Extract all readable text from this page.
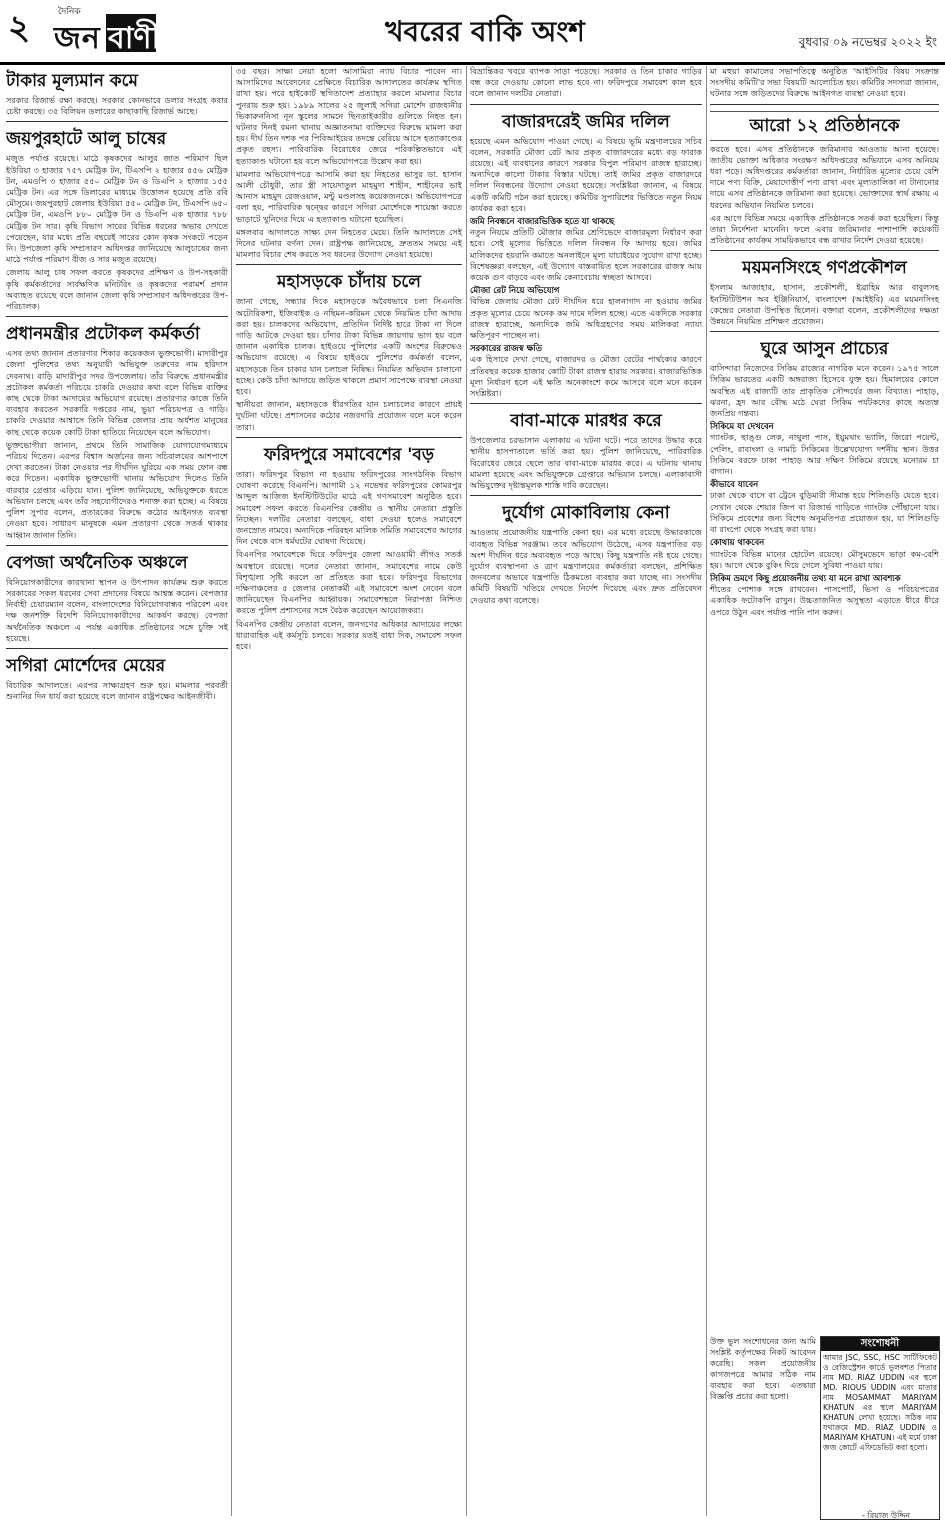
২	দৈনিক
জন বাণী	খবরের বাকি অংশ	বুধবার ০৯ নভেম্বর ২০২২ ইং
টাকার মূল্যমান কমে

সরকার রিজার্ভ রক্ষা করছে। সরকার কোনভাবে ডলার সংগ্রহ করার চেষ্টা করছে। ৩৫ বিলিয়ন ডলারের কাছাকাছি রিজার্ভ আছে।

জয়পুরহাটে আলু চাষের

মজুত পর্যাপ্ত রয়েছে। মাঠে কৃষকদের আলুর জাত পরিমাণ ছিল ইউরিয়া ৩ হাজার ৭৫৭ মেট্রিক টন, টিএসপি ২ হাজার ৫৫৬ মেট্রিক টন, এমওপি ৩ হাজার ৫৫০ মেট্রিক টন ও ডিএপি ২ হাজার ১৫৫ মেট্রিক টন। এর সঙ্গে ডিলারের মাধ্যমে উত্তোলন হয়েছে প্রতি রবি মৌসুমে। জয়পুরহাট জেলায় ইউরিয়া ৫৫০ মেট্রিক টন, টিএসপি ৬৫০ মেট্রিক টন, এমওপি ৮৮০ মেট্রিক টন ও ডিএপি এক হাজার ৭৮৮ মেট্রিক টন সার। কৃষি বিভাগ সারের বিভিন্ন ধরনের অভাব দেখতে পেয়েছেন, যার মধ্যে প্রতি বছরেই সারের কোন কৃষক সংকটে পড়েন নি। উপজেলা কৃষি সম্প্রসারণ অধিদপ্তর জানিয়েছে আলুচাষের জন্য মাঠে পর্যাপ্ত পরিমাণ বীজ ও সার মজুত রয়েছে।

জেলায় আলু চাষ সফল করতে কৃষকদের প্রশিক্ষণ ও উপ-সহকারী কৃষি কর্মকর্তাদের সার্বক্ষণিক মনিটরিং ও কৃষকদের পরামর্শ প্রদান অব্যাহত রয়েছে বলে জানান জেলা কৃষি সম্প্রসারণ অধিদপ্তরের উপ-পরিচালক।

প্রধানমন্ত্রীর প্রটোকল কর্মকর্তা

এসব তথ্য জানান প্রতারণার শিকার কয়েকজন ভুক্তভোগী। মাদারীপুর জেলা পুলিশের তথ্য অনুযায়ী অভিযুক্ত তরুণের নাম হরিদাস দেবনাথ। বাড়ি মাদারীপুর সদর উপজেলায়। তাঁর বিরুদ্ধে প্রধানমন্ত্রীর প্রটোকল কর্মকর্তা পরিচয়ে চাকরি দেওয়ার কথা বলে বিভিন্ন ব্যক্তির কাছ থেকে টাকা আদায়ের অভিযোগ রয়েছে। প্রতারণার কাজে তিনি ব্যবহার করতেন সরকারি দপ্তরের নাম, ভুয়া পরিচয়পত্র ও গাড়ি। চাকরি দেওয়ার আশ্বাসে তিনি বিভিন্ন জেলার প্রায় অর্ধশত মানুষের কাছ থেকে কয়েক কোটি টাকা হাতিয়ে নিয়েছেন বলে অভিযোগ।

ভুক্তভোগীরা জানান, প্রথমে তিনি সামাজিক যোগাযোগমাধ্যমে পরিচয় দিতেন। এরপর বিশ্বাস অর্জনের জন্য সচিবালয়ের আশপাশে দেখা করতেন। টাকা নেওয়ার পর দীর্ঘদিন ঘুরিয়ে এক সময় ফোন বন্ধ করে দিতেন। একাধিক ভুক্তভোগী থানায় অভিযোগ দিলেও তিনি বারবার গ্রেপ্তার এড়িয়ে যান। পুলিশ জানিয়েছে, অভিযুক্তকে ধরতে অভিযান চলছে এবং তাঁর সহযোগীদেরও শনাক্ত করা হচ্ছে। এ বিষয়ে পুলিশ সুপার বলেন, প্রতারকের বিরুদ্ধে কঠোর আইনগত ব্যবস্থা নেওয়া হবে। সাধারণ মানুষকে এমন প্রতারণা থেকে সতর্ক থাকার আহ্বান জানান তিনি।

বেপজা অর্থনৈতিক অঞ্চলে

বিনিয়োগকারীদের কারখানা স্থাপন ও উৎপাদন কার্যক্রম শুরু করতে সরকারের সকল ধরনের সেবা প্রদানের বিষয়ে আশ্বস্ত করেন। বেপজার নির্বাহী চেয়ারম্যান বলেন, বাংলাদেশের বিনিয়োগবান্ধব পরিবেশ এবং দক্ষ জনশক্তি বিদেশি বিনিয়োগকারীদের আকর্ষণ করছে। বেপজা অর্থনৈতিক অঞ্চলে এ পর্যন্ত একাধিক প্রতিষ্ঠানের সঙ্গে চুক্তি সই হয়েছে।

সগিরা মোর্শেদের মেয়ের

বিচারিক আদালতে। এরপর সাক্ষ্যগ্রহণ শুরু হয়। মামলার পরবর্তী শুনানির দিন ধার্য করা হয়েছে বলে জানান রাষ্ট্রপক্ষের আইনজীবী।

৩৫ বছর। সাক্ষ্য নেয়া হলো আসামিরা ন্যায় বিচার পাবেন না। আসামিদের আবেদনের প্রেক্ষিতে বিচারিক আদালতের কার্যক্রম স্থগিত রাখা হয়। পরে হাইকোর্ট স্থগিতাদেশ প্রত্যাহার করলে মামলার বিচার পুনরায় শুরু হয়। ১৯৮৯ সালের ২৫ জুলাই সগিরা মোর্শেদ রাজধানীর ভিকারুননিসা নূন স্কুলের সামনে ছিনতাইকারীর গুলিতে নিহত হন। ঘটনার দিনই রমনা থানায় অজ্ঞাতনামা ব্যক্তিদের বিরুদ্ধে মামলা করা হয়। দীর্ঘ তিন দশক পর পিবিআইয়ের তদন্তে বেরিয়ে আসে হত্যাকাণ্ডের প্রকৃত রহস্য। পারিবারিক বিরোধের জেরে পরিকল্পিতভাবে এই হত্যাকাণ্ড ঘটানো হয় বলে অভিযোগপত্রে উল্লেখ করা হয়।

মামলার অভিযোগপত্রে আসামি করা হয় নিহতের ভাসুর ডা. হাসান আলী চৌধুরী, তার স্ত্রী সায়েদাতুল মাহমুদা শাহীন, শাহীনের ভাই আনাস মাহমুদ রেজওয়ান, মন্টু মণ্ডলসহ কয়েকজনকে। অভিযোগপত্রে বলা হয়, পারিবারিক দ্বন্দ্বের কারণে সগিরা মোর্শেদকে শায়েস্তা করতে ভাড়াটে খুনিদের দিয়ে এ হত্যাকাণ্ড ঘটানো হয়েছিল।

মঙ্গলবার আদালতে সাক্ষ্য দেন নিহতের মেয়ে। তিনি আদালতে সেই দিনের ঘটনার বর্ণনা দেন। রাষ্ট্রপক্ষ জানিয়েছে, দ্রুততম সময়ে এই মামলার বিচার শেষ করতে সব ধরনের উদ্যোগ নেওয়া হয়েছে।

মহাসড়কে চাঁদায় চলে

জানা গেছে, সন্ধ্যার দিকে মহাসড়কে অবৈধভাবে চলা সিএনজি অটোরিকশা, ইজিবাইক ও নছিমন-করিমন থেকে নিয়মিত চাঁদা আদায় করা হয়। চালকদের অভিযোগ, প্রতিদিন নির্দিষ্ট হারে টাকা না দিলে গাড়ি আটকে দেওয়া হয়। চাঁদার টাকা বিভিন্ন জায়গায় ভাগ হয় বলে জানান একাধিক চালক। হাইওয়ে পুলিশের একটি অংশের বিরুদ্ধেও অভিযোগ রয়েছে। এ বিষয়ে হাইওয়ে পুলিশের কর্মকর্তা বলেন, মহাসড়কে তিন চাকার যান চলাচল নিষিদ্ধ। নিয়মিত অভিযান চালানো হচ্ছে। কেউ চাঁদা আদায়ে জড়িত থাকলে প্রমাণ সাপেক্ষে ব্যবস্থা নেওয়া হবে।

স্থানীয়রা জানান, মহাসড়কে ধীরগতির যান চলাচলের কারণে প্রায়ই দুর্ঘটনা ঘটছে। প্রশাসনের কঠোর নজরদারি প্রয়োজন বলে মনে করেন তারা।

ফরিদপুরে সমাবেশের 'বড়

তারা। ফরিদপুর বিভাগ না হওয়ায় ফরিদপুরের সাংগঠনিক বিভাগ ঘোষণা করেছে বিএনপি। আগামী ১২ নভেম্বর ফরিদপুরের কোমরপুর আব্দুল আজিজ ইনস্টিটিউটের মাঠে এই গণসমাবেশ অনুষ্ঠিত হবে। সমাবেশ সফল করতে বিএনপির কেন্দ্রীয় ও স্থানীয় নেতারা প্রস্তুতি নিচ্ছেন। দলটির নেতারা বলছেন, বাধা দেওয়া হলেও সমাবেশে জনস্রোত নামবে। অন্যদিকে পরিবহন মালিক সমিতি সমাবেশের আগের দিন থেকে বাস ধর্মঘটের ঘোষণা দিয়েছে।

বিএনপির সমাবেশকে ঘিরে ফরিদপুর জেলা আওয়ামী লীগও সতর্ক অবস্থানে রয়েছে। দলের নেতারা জানান, সমাবেশের নামে কেউ বিশৃঙ্খলা সৃষ্টি করলে তা প্রতিহত করা হবে। ফরিদপুর বিভাগের দক্ষিণাঞ্চলের ৫ জেলার নেতাকর্মী এই সমাবেশে অংশ নেবেন বলে জানিয়েছেন বিএনপির আহ্বায়ক। সমাবেশস্থলে নিরাপত্তা নিশ্চিত করতে পুলিশ প্রশাসনের সঙ্গে বৈঠক করেছেন আয়োজকরা।

বিএনপির কেন্দ্রীয় নেতারা বলেন, জনগণের অধিকার আদায়ের লক্ষ্যে ধারাবাহিক এই কর্মসূচি চলবে। সরকার যতই বাধা দিক, সমাবেশ সফল হবে।

বিভ্রান্তিকর খবরে ব্যাপক সাড়া পড়েছে। সরকার ও তিন চাকার গাড়ির বন্ধ করে দেওয়ায় কোনো লাভ হবে না। ফরিদপুরে সমাবেশ কাল হবে বলে জানান দলটির নেতারা।

বাজারদরেই জমির দলিল

হয়েছে এমন অভিযোগ পাওয়া গেছে। এ বিষয়ে ভূমি মন্ত্রণালয়ের সচিব বলেন, সরকারি মৌজা রেট আর প্রকৃত বাজারদরের মধ্যে বড় ফারাক রয়েছে। এই ব্যবধানের কারণে সরকার বিপুল পরিমাণ রাজস্ব হারাচ্ছে। অন্যদিকে কালো টাকার বিস্তার ঘটছে। তাই জমির প্রকৃত বাজারদরে দলিল নিবন্ধনের উদ্যোগ নেওয়া হয়েছে। সংশ্লিষ্টরা জানান, এ বিষয়ে একটি কমিটি গঠন করা হয়েছে। কমিটির সুপারিশের ভিত্তিতে নতুন নিয়ম কার্যকর করা হবে।

জমি নিবন্ধনে বাজারভিত্তিক হতে যা থাকছে

নতুন নিয়মে প্রতিটি মৌজার জমির শ্রেণিভেদে বাজারমূল্য নির্ধারণ করা হবে। সেই মূল্যের ভিত্তিতে দলিল নিবন্ধন ফি আদায় হবে। জমির মালিকদের হয়রানি কমাতে অনলাইনে মূল্য যাচাইয়ের সুযোগ রাখা হচ্ছে। বিশেষজ্ঞরা বলছেন, এই উদ্যোগ বাস্তবায়িত হলে সরকারের রাজস্ব আয় কয়েক গুণ বাড়বে এবং জমি কেনাবেচায় স্বচ্ছতা আসবে।

মৌজা রেট নিয়ে অভিযোগ

বিভিন্ন জেলায় মৌজা রেট দীর্ঘদিন ধরে হালনাগাদ না হওয়ায় জমির প্রকৃত মূল্যের চেয়ে অনেক কম দামে দলিল হচ্ছে। এতে একদিকে সরকার রাজস্ব হারাচ্ছে, অন্যদিকে জমি অধিগ্রহণের সময় মালিকরা ন্যায্য ক্ষতিপূরণ পাচ্ছেন না।

সরকারের রাজস্ব ক্ষতি

এক হিসাবে দেখা গেছে, বাজারদর ও মৌজা রেটের পার্থক্যের কারণে প্রতিবছর কয়েক হাজার কোটি টাকা রাজস্ব হারায় সরকার। বাজারভিত্তিক মূল্য নির্ধারণ হলে এই ক্ষতি অনেকাংশে কমে আসবে বলে মনে করেন সংশ্লিষ্টরা।

বাবা-মাকে মারধর করে

উপজেলার চরভাসান এলাকায় এ ঘটনা ঘটে। পরে তাদের উদ্ধার করে স্থানীয় হাসপাতালে ভর্তি করা হয়। পুলিশ জানিয়েছে, পারিবারিক বিরোধের জেরে ছেলে তার বাবা-মাকে মারধর করে। এ ঘটনায় থানায় মামলা হয়েছে এবং অভিযুক্তকে গ্রেপ্তারে অভিযান চলছে। এলাকাবাসী অভিযুক্তের দৃষ্টান্তমূলক শাস্তি দাবি করেছেন।

দুর্যোগ মোকাবিলায় কেনা

আওতায় প্রয়োজনীয় যন্ত্রপাতি কেনা হয়। এর মধ্যে রয়েছে উদ্ধারকাজে ব্যবহৃত বিভিন্ন সরঞ্জাম। তবে অভিযোগ উঠেছে, এসব যন্ত্রপাতির বড় অংশ দীর্ঘদিন ধরে অব্যবহৃত পড়ে আছে। কিছু যন্ত্রপাতি নষ্ট হয়ে গেছে। দুর্যোগ ব্যবস্থাপনা ও ত্রাণ মন্ত্রণালয়ের কর্মকর্তারা বলছেন, প্রশিক্ষিত জনবলের অভাবে যন্ত্রপাতি ঠিকমতো ব্যবহার করা যাচ্ছে না। সংসদীয় কমিটি বিষয়টি খতিয়ে দেখতে নির্দেশ দিয়েছে এবং দ্রুত প্রতিবেদন দেওয়ার কথা বলেছে।

মা মহুয়া কামালের সভাপতিত্বে অনুষ্ঠিত 'আইসিটির বিষয় সংক্রান্ত সংসদীয় কমিটি'র সভা বিষয়টি আলোচিত হয়। কমিটির সদস্যরা জানান, ঘটনার সঙ্গে জড়িতদের বিরুদ্ধে আইনগত ব্যবস্থা নেওয়া হবে।

আরো ১২ প্রতিষ্ঠানকে

করতে হবে। এসব প্রতিষ্ঠানকে জরিমানার আওতায় আনা হয়েছে। জাতীয় ভোক্তা অধিকার সংরক্ষণ অধিদপ্তরের অভিযানে এসব অনিয়ম ধরা পড়ে। অধিদপ্তরের কর্মকর্তারা জানান, নির্ধারিত মূল্যের চেয়ে বেশি দামে পণ্য বিক্রি, মেয়াদোত্তীর্ণ পণ্য রাখা এবং মূল্যতালিকা না টানানোর দায়ে এসব প্রতিষ্ঠানকে জরিমানা করা হয়েছে। ভোক্তাদের স্বার্থ রক্ষায় এ ধরনের অভিযান নিয়মিত চলবে।

এর আগে বিভিন্ন সময়ে একাধিক প্রতিষ্ঠানকে সতর্ক করা হয়েছিল। কিন্তু তারা নির্দেশনা মানেনি। ফলে এবার জরিমানার পাশাপাশি কয়েকটি প্রতিষ্ঠানের কার্যক্রম সাময়িকভাবে বন্ধ রাখার নির্দেশ দেওয়া হয়েছে।

ময়মনসিংহে গণপ্রকৌশল

ইসলাম আজাহার, হাসান, প্রকৌশলী, ইব্রাহিম আর বাবুলসহ ইনস্টিটিউশন অব ইঞ্জিনিয়ার্স, বাংলাদেশ (আইইবি) এর ময়মনসিংহ কেন্দ্রের নেতারা উপস্থিত ছিলেন। বক্তারা বলেন, প্রকৌশলীদের দক্ষতা উন্নয়নে নিয়মিত প্রশিক্ষণ প্রয়োজন।

ঘুরে আসুন প্রাচ্যের

বাসিন্দারা নিজেদের সিকিম রাজ্যের নাগরিক মনে করেন। ১৯৭৫ সালে সিকিম ভারতের একটি অঙ্গরাজ্য হিসেবে যুক্ত হয়। হিমালয়ের কোলে অবস্থিত এই রাজ্যটি তার প্রাকৃতিক সৌন্দর্যের জন্য বিখ্যাত। পাহাড়, ঝরনা, হ্রদ আর বৌদ্ধ মঠে ঘেরা সিকিম পর্যটকদের কাছে অত্যন্ত জনপ্রিয় গন্তব্য।

সিকিমে যা দেখবেন

গ্যাংটক, ছাঙ্গু লেক, নাথুলা পাস, ইয়ুমথাং ভ্যালি, জিরো পয়েন্ট, পেলিং, রাবাংলা ও নামচি সিকিমের উল্লেখযোগ্য দর্শনীয় স্থান। উত্তর সিকিমে বরফে ঢাকা পাহাড় আর দক্ষিণ সিকিমে রয়েছে মনোরম চা বাগান।

কীভাবে যাবেন

ঢাকা থেকে বাসে বা ট্রেনে বুড়িমারী সীমান্ত হয়ে শিলিগুড়ি যেতে হবে। সেখান থেকে শেয়ার জিপ বা রিজার্ভ গাড়িতে গ্যাংটক পৌঁছানো যায়। সিকিমে প্রবেশের জন্য বিশেষ অনুমতিপত্র প্রয়োজন হয়, যা শিলিগুড়ি বা রাংপো থেকে সংগ্রহ করা যায়।

কোথায় থাকবেন

গ্যাংটকে বিভিন্ন মানের হোটেল রয়েছে। মৌসুমভেদে ভাড়া কম-বেশি হয়। আগে থেকে বুকিং দিয়ে গেলে সুবিধা পাওয়া যায়।

সিকিম ভ্রমণে কিছু প্রয়োজনীয় তথ্য যা মনে রাখা আবশ্যক

শীতের পোশাক সঙ্গে রাখবেন। পাসপোর্ট, ভিসা ও পরিচয়পত্রের একাধিক ফটোকপি রাখুন। উচ্চতাজনিত অসুস্থতা এড়াতে ধীরে ধীরে ওপরে উঠুন এবং পর্যাপ্ত পানি পান করুন।

উক্ত ভুল সংশোধনের জন্য আমি সংশ্লিষ্ট কর্তৃপক্ষের নিকট আবেদন করেছি। সকল প্রয়োজনীয় কাগজপত্রে আমার সঠিক নাম ব্যবহার করা হবে। এতদ্বারা বিজ্ঞপ্তি প্রচার করা হলো।
সংশোধনী
আমার JSC, SSC, HSC সার্টিফিকেট ও রেজিস্ট্রেশন কার্ডে ভুলবশত পিতার নাম MD. RIAZ UDDIN এর স্থলে MD. RIOUS UDDIN এবং মাতার নাম MOSAMMAT MARIYAM KHATUN এর স্থলে MARIYAM KHATUN লেখা হয়েছে। সঠিক নাম যথাক্রমে MD. RIAZ UDDIN ও MARIYAM KHATUN। এই মর্মে ঢাকা জজ কোর্টে এফিডেভিট করা হলো।
- রিয়াজ উদ্দিন
